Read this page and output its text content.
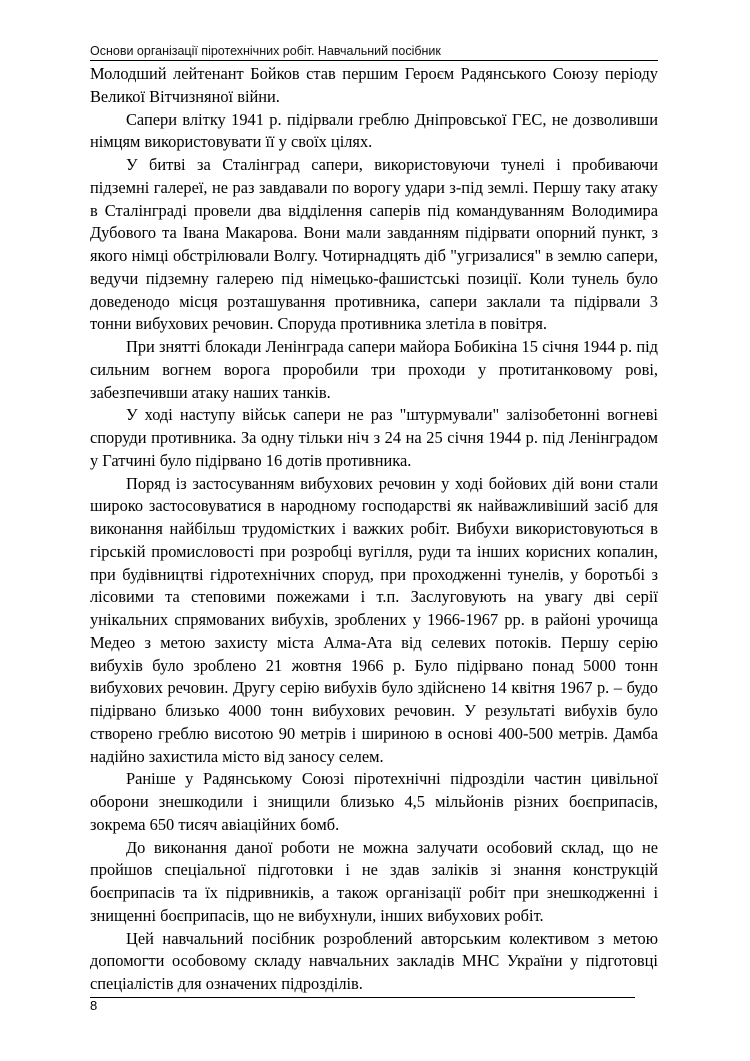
Основи організації піротехнічних робіт. Навчальний посібник

Молодший лейтенант Бойков став першим Героєм Радянського Союзу періоду Великої Вітчизняної війни.

Сапери влітку 1941 р. підірвали греблю Дніпровської ГЕС, не дозволивши німцям використовувати її у своїх цілях.

У битві за Сталінград сапери, використовуючи тунелі і пробиваючи підземні галереї, не раз завдавали по ворогу удари з-під землі. Першу таку атаку в Сталінграді провели два відділення саперів під командуванням Володимира Дубового та Івана Макарова. Вони мали завданням підірвати опорний пункт, з якого німці обстрілювали Волгу. Чотирнадцять діб "угризалися" в землю сапери, ведучи підземну галерею під німецько-фашистські позиції. Коли тунель було доведенодо місця розташування противника, сапери заклали та підірвали 3 тонни вибухових речовин. Споруда противника злетіла в повітря.

При знятті блокади Ленінграда сапери майора Бобикіна 15 січня 1944 р. під сильним вогнем ворога проробили три проходи у протитанковому рові, забезпечивши атаку наших танків.

У ході наступу військ сапери не раз "штурмували" залізобетонні вогневі споруди противника. За одну тільки ніч з 24 на 25 січня 1944 р. під Ленінградом у Гатчині було підірвано 16 дотів противника.

Поряд із застосуванням вибухових речовин у ході бойових дій вони стали широко застосовуватися в народному господарстві як найважливіший засіб для виконання найбільш трудомістких і важких робіт. Вибухи використовуються в гірській промисловості при розробці вугілля, руди та інших корисних копалин, при будівництві гідротехнічних споруд, при проходженні тунелів, у боротьбі з лісовими та степовими пожежами і т.п. Заслуговують на увагу дві серії унікальних спрямованих вибухів, зроблених у 1966-1967 рр. в районі урочища Медео з метою захисту міста Алма-Ата від селевих потоків. Першу серію вибухів було зроблено 21 жовтня 1966 р. Було підірвано понад 5000 тонн вибухових речовин. Другу серію вибухів було здійснено 14 квітня 1967 р. – будо підірвано близько 4000 тонн вибухових речовин. У результаті вибухів було створено греблю висотою 90 метрів і шириною в основі 400-500 метрів. Дамба надійно захистила місто від заносу селем.

Раніше у Радянському Союзі піротехнічні підрозділи частин цивільної оборони знешкодили і знищили близько 4,5 мільйонів різних боєприпасів, зокрема 650 тисяч авіаційних бомб.

До виконання даної роботи не можна залучати особовий склад, що не пройшов спеціальної підготовки і не здав заліків зі знання конструкцій боєприпасів та їх підривників, а також організації робіт при знешкодженні і знищенні боєприпасів, що не вибухнули, інших вибухових робіт.

Цей навчальний посібник розроблений авторським колективом з метою допомогти особовому складу навчальних закладів МНС України у підготовці спеціалістів для означених підрозділів.

8
